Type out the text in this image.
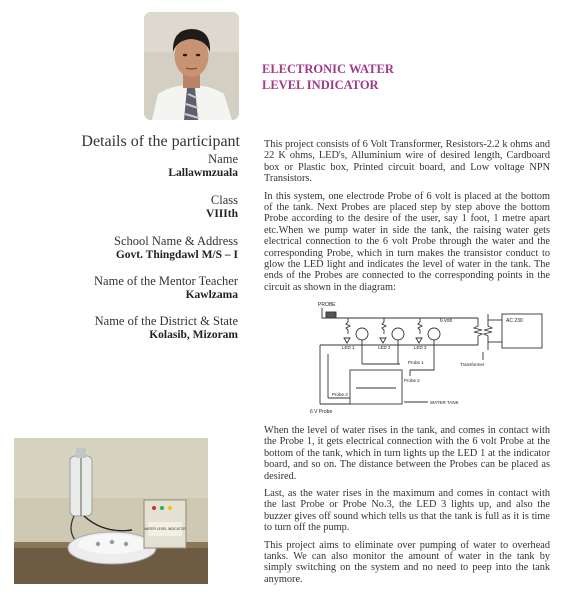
ELECTRONIC WATER
LEVEL INDICATOR
Details of the participant
Name
Lallawmzuala
Class
VIIIth
School Name & Address
Govt. Thingdawl M/S – I
Name of the Mentor Teacher
Kawlzama
Name of the District & State
Kolasib, Mizoram

This project consists of 6 Volt Transformer, Resistors-2.2 k ohms and 22 K ohms, LED's, Alluminium wire of desired length, Cardboard box or Plastic box, Printed circuit board, and Low voltage NPN Transistors.

In this system, one electrode Probe of 6 volt is placed at the bottom of the tank. Next Probes are placed step by step above the bottom Probe according to the desire of the user, say 1 foot, 1 metre apart etc.When we pump water in side the tank, the raising water gets electrical connection to the 6 volt Probe through the water and the corresponding Probe, which in turn makes the transistor conduct to glow the LED light and indicates the level of water in the tank. The ends of the Probes are connected to the corresponding points in the circuit as shown in the diagram:

PROBE
6 volt	AC 230
LED 1	LED 2	LED 3
Transformer
Probe 1
Probe 2
Probe 3
6 V Probe
WATER TANK

When the level of water rises in the tank, and comes in contact with the Probe 1, it gets electrical connection with the 6 volt Probe at the bottom of the tank, which in turn lights up the LED 1 at the indicator board, and so on. The distance between the Probes can be placed as desired.

Last, as the water rises in the maximum and comes in contact with the last Probe or Probe No.3, the LED 3 lights up, and also the buzzer gives off sound which tells us that the tank is full as it is time to turn off the pump.

This project aims to eliminate over pumping of water to overhead tanks. We can also monitor the amount of water in the tank by simply switching on the system and no need to peep into the tank anymore.

WATER LEVEL INDICATOR
